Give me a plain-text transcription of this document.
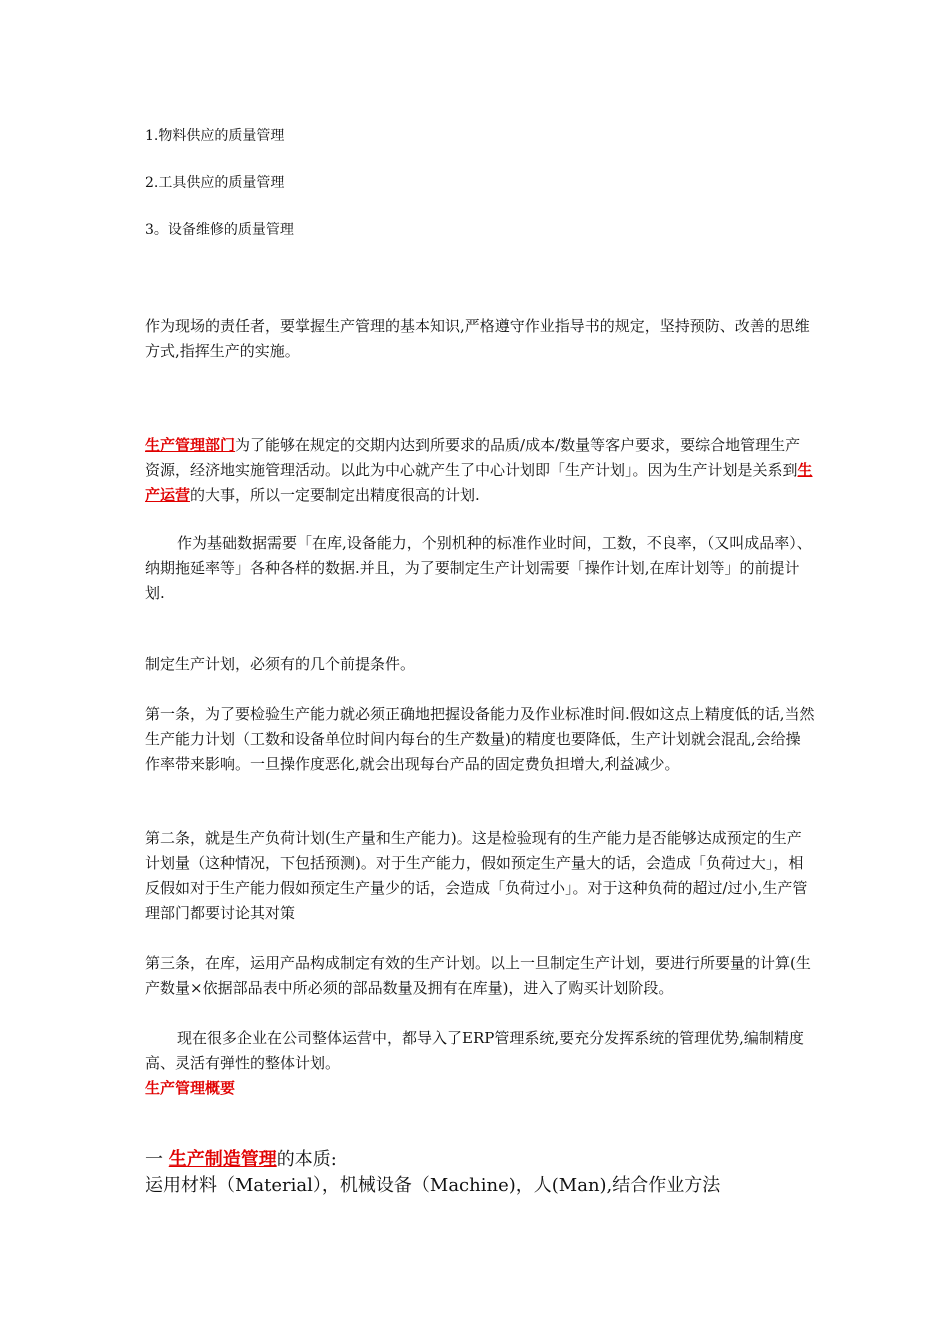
1.物料供应的质量管理
2.工具供应的质量管理
3。设备维修的质量管理
作为现场的责任者，要掌握生产管理的基本知识,严格遵守作业指导书的规定，坚持预防、改善的思维方式,指挥生产的实施。
生产管理部门为了能够在规定的交期内达到所要求的品质/成本/数量等客户要求，要综合地管理生产资源，经济地实施管理活动。以此为中心就产生了中心计划即「生产计划」。因为生产计划是关系到生产运营的大事，所以一定要制定出精度很高的计划.
作为基础数据需要「在库,设备能力，个别机种的标准作业时间，工数，不良率，（又叫成品率）、纳期拖延率等」各种各样的数据.并且，为了要制定生产计划需要「操作计划,在库计划等」的前提计划.
制定生产计划，必须有的几个前提条件。
第一条，为了要检验生产能力就必须正确地把握设备能力及作业标准时间.假如这点上精度低的话,当然生产能力计划（工数和设备单位时间内每台的生产数量)的精度也要降低，生产计划就会混乱,会给操作率带来影响。一旦操作度恶化,就会出现每台产品的固定费负担增大,利益减少。
第二条，就是生产负荷计划(生产量和生产能力)。这是检验现有的生产能力是否能够达成预定的生产计划量（这种情况，下包括预测)。对于生产能力，假如预定生产量大的话，会造成「负荷过大」，相反假如对于生产能力假如预定生产量少的话，会造成「负荷过小」。对于这种负荷的超过/过小,生产管理部门都要讨论其对策
第三条，在库，运用产品构成制定有效的生产计划。以上一旦制定生产计划，要进行所要量的计算(生产数量×依据部品表中所必须的部品数量及拥有在库量)，进入了购买计划阶段。
现在很多企业在公司整体运营中，都导入了ERP管理系统,要充分发挥系统的管理优势,编制精度高、灵活有弹性的整体计划。
生产管理概要
一 生产制造管理的本质:
运用材料（Material），机械设备（Machine)，人(Man),结合作业方法
